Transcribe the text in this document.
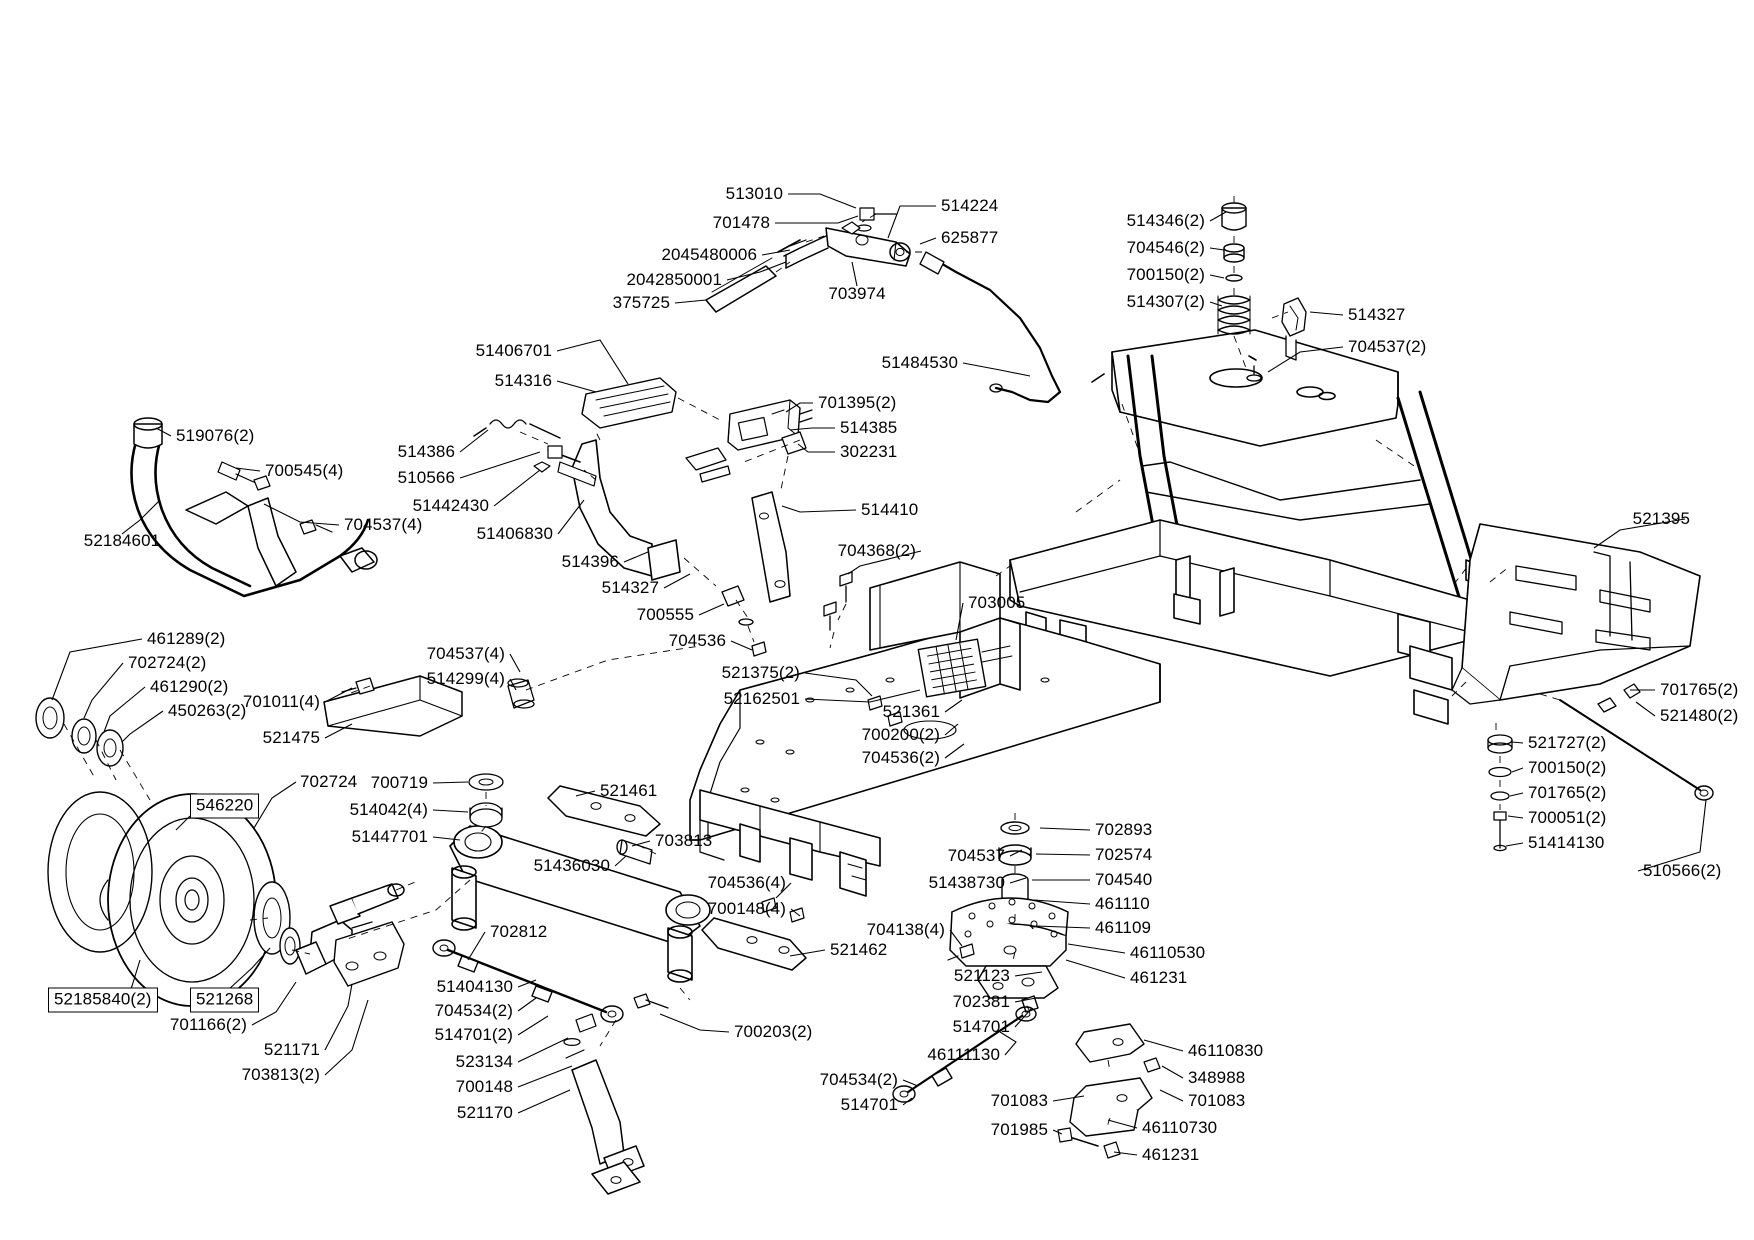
513010
701478
514224
625877
2045480006
2042850001
375725	703974
514346(2)
704546(2)
700150(2)
514307(2)
514327
704537(2)
51484530
51406701
514316
701395(2)
514385
302231
514386
510566
51442430
51406830
514396
514327
700555
704536
514410
704368(2)
703005
521395
519076(2)
700545(4)
704537(4)
52184601
461289(2)
702724(2)
461290(2)
450263(2)
701011(4)
521475
704537(4)
514299(4)	521375(2)
52162501
521361
700200(2)
704536(2)
702724
546220
700719
514042(4)
51447701
521461
703813
51436030
704536(4)
700148(4)
521462
702812
52185840(2)	521268
701166(2)
521171
703813(2)
51404130
704534(2)
514701(2)
523134
700148
521170
700203(2)
702893
702574
704540
461110
461109
704537
51438730
704138(4)
46110530
461231
521123
702381
514701
46111130
704534(2)
514701
46110830
348988
701083
701083
46110730
701985
461231
701765(2)
521480(2)
521727(2)
700150(2)
701765(2)
700051(2)
51414130
510566(2)
